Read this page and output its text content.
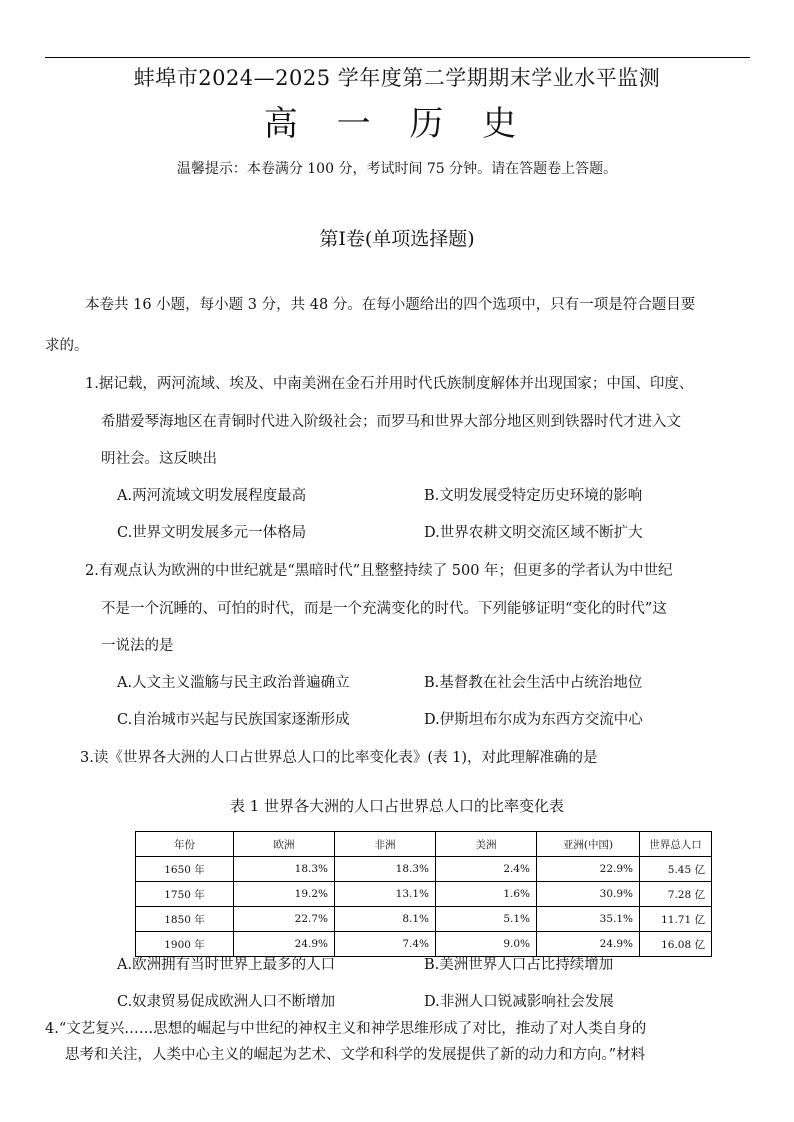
蚌埠市2024—2025 学年度第二学期期末学业水平监测
高 一 历 史
温馨提示：本卷满分 100 分，考试时间 75 分钟。请在答题卷上答题。
第Ⅰ卷(单项选择题)
本卷共 16 小题，每小题 3 分，共 48 分。在每小题给出的四个选项中，只有一项是符合题目要
求的。
1.据记载，两河流域、埃及、中南美洲在金石并用时代氏族制度解体并出现国家；中国、印度、
希腊爱琴海地区在青铜时代进入阶级社会；而罗马和世界大部分地区则到铁器时代才进入文
明社会。这反映出
A.两河流域文明发展程度最高	B.文明发展受特定历史环境的影响
C.世界文明发展多元一体格局	D.世界农耕文明交流区域不断扩大
2.有观点认为欧洲的中世纪就是“黑暗时代”且整整持续了 500 年；但更多的学者认为中世纪
不是一个沉睡的、可怕的时代，而是一个充满变化的时代。下列能够证明“变化的时代”这
一说法的是
A.人文主义滥觞与民主政治普遍确立	B.基督教在社会生活中占统治地位
C.自治城市兴起与民族国家逐渐形成	D.伊斯坦布尔成为东西方交流中心
3.读《世界各大洲的人口占世界总人口的比率变化表》(表 1)，对此理解准确的是
表 1 世界各大洲的人口占世界总人口的比率变化表
年份	欧洲	非洲	美洲	亚洲(中国)	世界总人口
1650 年	18.3%	18.3%	2.4%	22.9%	5.45 亿
1750 年	19.2%	13.1%	1.6%	30.9%	7.28 亿
1850 年	22.7%	8.1%	5.1%	35.1%	11.71 亿
1900 年	24.9%	7.4%	9.0%	24.9%	16.08 亿
A.欧洲拥有当时世界上最多的人口	B.美洲世界人口占比持续增加
C.奴隶贸易促成欧洲人口不断增加	D.非洲人口锐减影响社会发展
4.“文艺复兴……思想的崛起与中世纪的神权主义和神学思维形成了对比，推动了对人类自身的
思考和关注，人类中心主义的崛起为艺术、文学和科学的发展提供了新的动力和方向。”材料
